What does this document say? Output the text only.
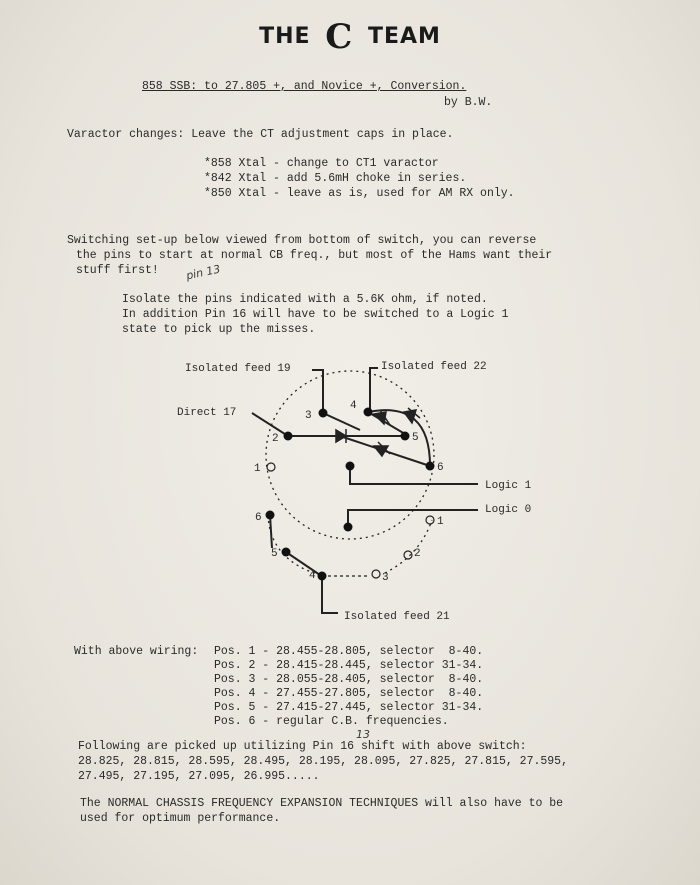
THE C TEAM
858 SSB: to 27.805 +, and Novice +, Conversion.
by B.W.
Varactor changes: Leave the CT adjustment caps in place.
*858 Xtal - change to CT1 varactor
*842 Xtal - add 5.6mH choke in series.
*850 Xtal - leave as is, used for AM RX only.
Switching set-up below viewed from bottom of switch, you can reverse
the pins to start at normal CB freq., but most of the Hams want their
stuff first! pin 13
Isolate the pins indicated with a 5.6K ohm, if noted.
In addition Pin 16 will have to be switched to a Logic 1
state to pick up the misses.
Isolated feed 19	Isolated feed 22
Direct 17
Logic 1
Logic 0
Isolated feed 21
1
2
3
4
5
6
6
5
4	3
2
1
With above wiring: Pos. 1 - 28.455-28.805, selector  8-40.
Pos. 2 - 28.415-28.445, selector 31-34.
Pos. 3 - 28.055-28.405, selector  8-40.
Pos. 4 - 27.455-27.805, selector  8-40.
Pos. 5 - 27.415-27.445, selector 31-34.
Pos. 6 - regular C.B. frequencies.
13
Following are picked up utilizing Pin 16 shift with above switch:
28.825, 28.815, 28.595, 28.495, 28.195, 28.095, 27.825, 27.815, 27.595,
27.495, 27.195, 27.095, 26.995.....
The NORMAL CHASSIS FREQUENCY EXPANSION TECHNIQUES will also have to be
used for optimum performance.
